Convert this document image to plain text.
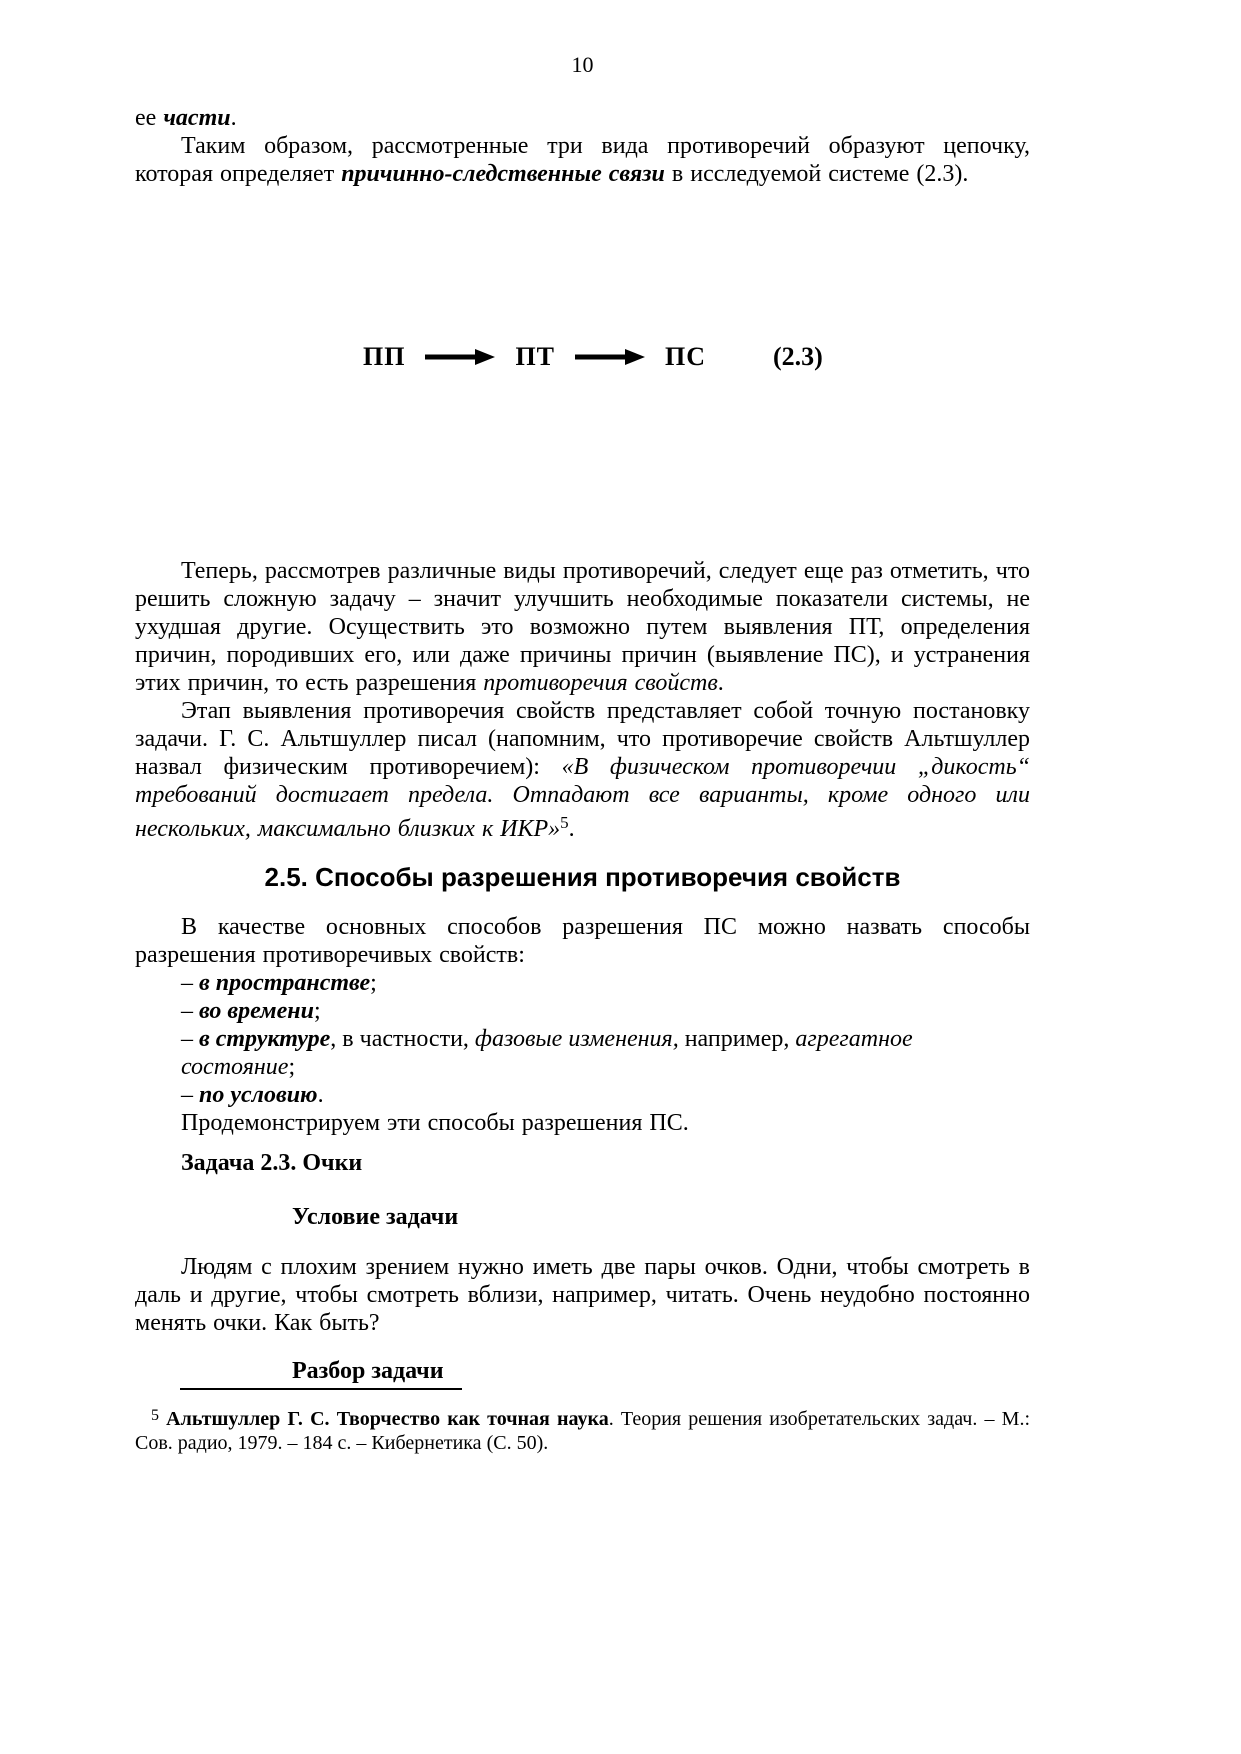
10

ее части.

Таким образом, рассмотренные три вида противоречий образуют цепочку, которая определяет причинно-следственные связи в исследуемой системе (2.3).

ПП	ПТ	ПС	(2.3)

Теперь, рассмотрев различные виды противоречий, следует еще раз отметить, что решить сложную задачу – значит улучшить необходимые показатели системы, не ухудшая другие. Осуществить это возможно путем выявления ПТ, определения причин, породивших его, или даже причины причин (выявление ПС), и устранения этих причин, то есть разрешения противоречия свойств.

Этап выявления противоречия свойств представляет собой точную постановку задачи. Г. С. Альтшуллер писал (напомним, что противоречие свойств Альтшуллер назвал физическим противоречием): «В физическом противоречии „дикость“ требований достигает предела. Отпадают все варианты, кроме одного или нескольких, максимально близких к ИКР»$^5$.

2.5. Способы разрешения противоречия свойств

В качестве основных способов разрешения ПС можно назвать способы разрешения противоречивых свойств:

– в пространстве;

– во времени;

– в структуре, в частности, фазовые изменения, например, агрегатное состояние;

– по условию.

Продемонстрируем эти способы разрешения ПС.

Задача 2.3. Очки

Условие задачи

Людям с плохим зрением нужно иметь две пары очков. Одни, чтобы смотреть в даль и другие, чтобы смотреть вблизи, например, читать. Очень неудобно постоянно менять очки. Как быть?

Разбор задачи

$^5$ Альтшуллер Г. С. Творчество как точная наука. Теория решения изобретательских задач. – М.: Сов. радио, 1979. – 184 с. – Кибернетика (С. 50).
